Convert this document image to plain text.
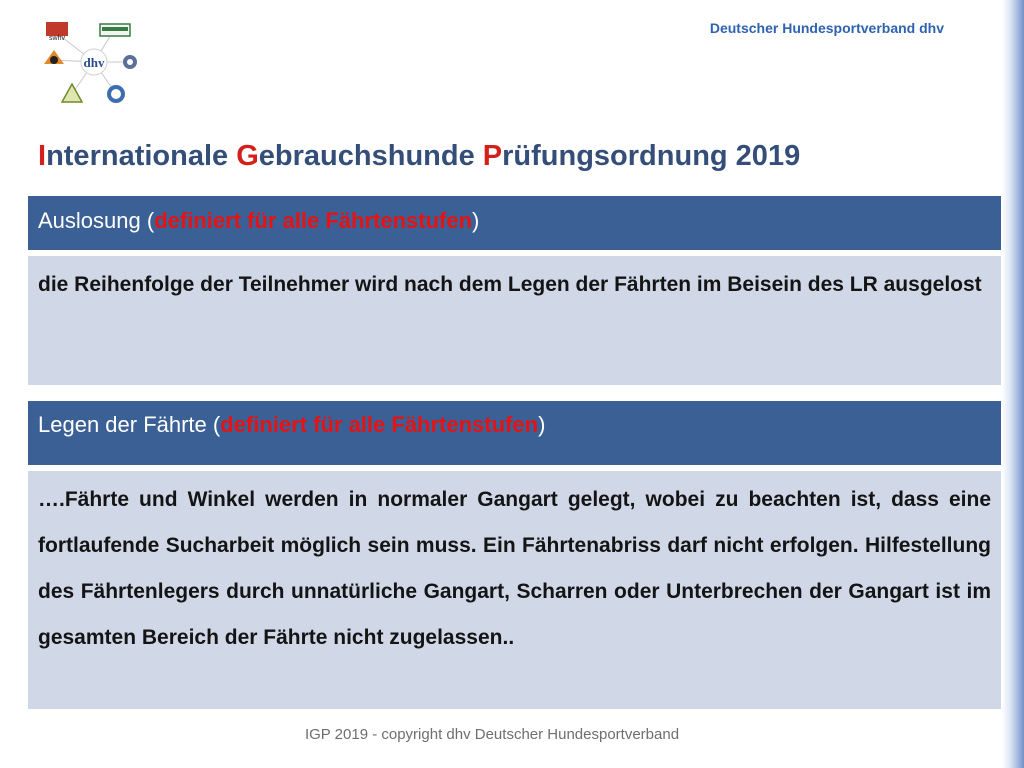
swhv
dhv
Deutscher Hundesportverband dhv
Internationale Gebrauchshunde Prüfungsordnung 2019
Auslosung (definiert für alle Fährtenstufen)
die Reihenfolge der Teilnehmer wird nach dem Legen der Fährten im Beisein des LR ausgelost
Legen der Fährte (definiert für alle Fährtenstufen)
….Fährte und Winkel werden in normaler Gangart gelegt, wobei zu beachten ist, dass eine fortlaufende Sucharbeit möglich sein muss. Ein Fährtenabriss darf nicht erfolgen. Hilfestellung des Fährtenlegers durch unnatürliche Gangart, Scharren oder Unterbrechen der Gangart ist im gesamten Bereich der Fährte nicht zugelassen..
IGP 2019 - copyright dhv Deutscher Hundesportverband
